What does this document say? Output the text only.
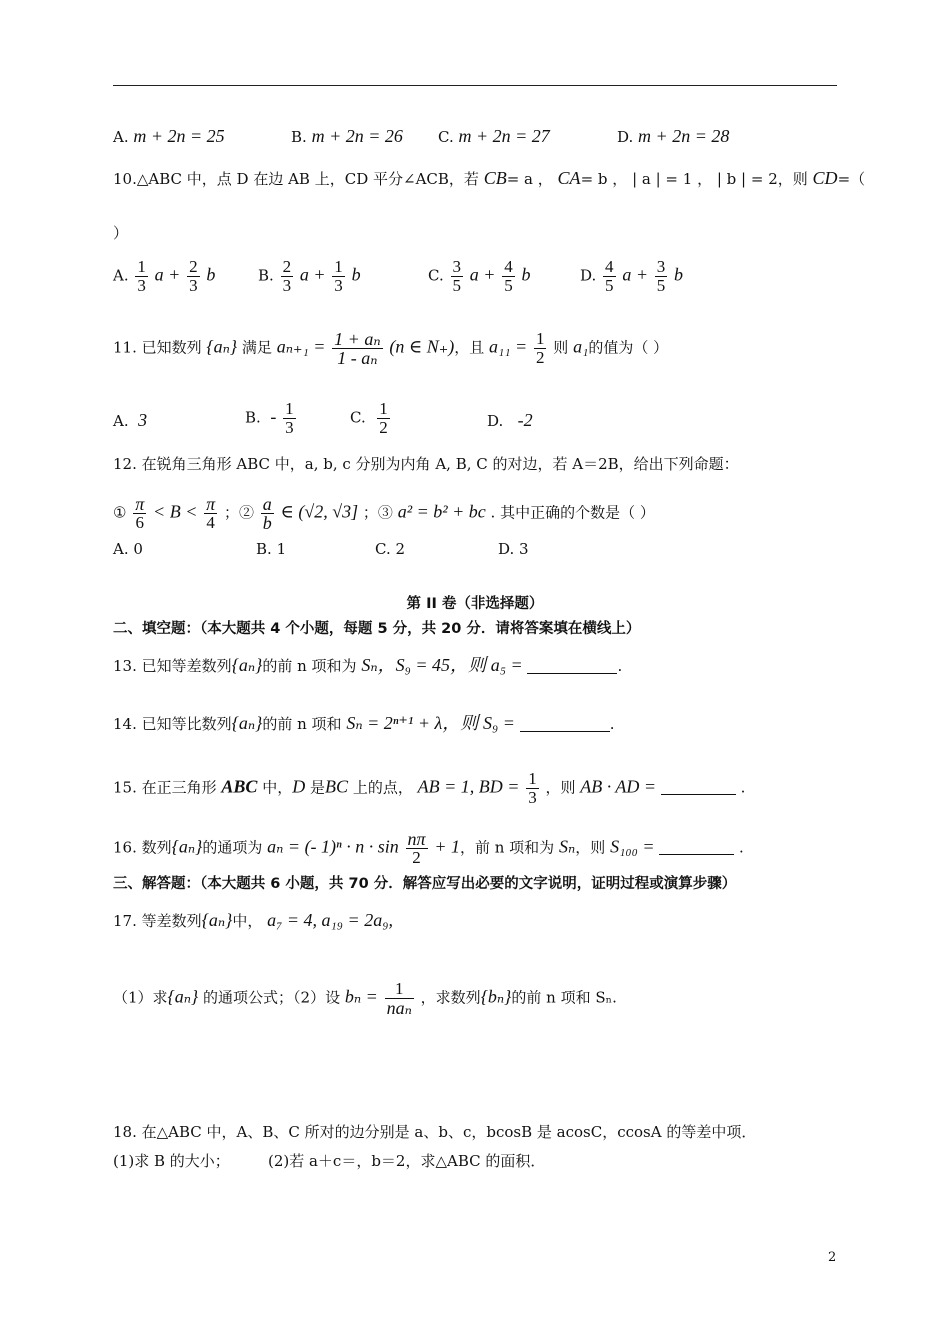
A. m + 2n = 25	B. m + 2n = 26 C. m + 2n = 27	D. m + 2n = 28
10.△ABC 中，点 D 在边 AB 上，CD 平分∠ACB，若 CB= a ， CA= b ， | a | = 1 ， | b | = 2，则 CD=（
）
A. $\frac{1}{3}$ $a + \frac{2}{3}$ b	B. $\frac{2}{3}$ $a + \frac{1}{3}$ b	C. $\frac{3}{5}$ $a + \frac{4}{5}$ b	D. $\frac{4}{5}$ $a + \frac{3}{5}$ b
11. 已知数列 {aₙ} 满足 $a_{n+1} = \frac{\text{1 + aₙ}}{\text{1 - aₙ}} (n$ ∈ N₊)，且 $a_{11} = \frac{1}{2}$ 则 a₁的值为（ ）
A. 3	B. - $\frac{1}{3}$	C. $\frac{1}{2}$	D. -2
12. 在锐角三角形 ABC 中，a, b, c 分别为内角 A, B, C 的对边，若 A＝2B，给出下列命题：
① $\frac{\pi}{6} < B < \frac{\pi}{4}$ ；② $\frac{a}{b}$ ∈ (√2, √3] ；③ a² = b² + bc . 其中正确的个数是（ ）
A. 0	B. 1	C. 2	D. 3
第 II 卷（非选择题）
二、填空题：（本大题共 4 个小题，每题 5 分，共 20 分．请将答案填在横线上）
13. 已知等差数列{aₙ}的前 n 项和为 Sₙ，S₉ = 45，则 a₅ =	.
14. 已知等比数列{aₙ}的前 n 项和 Sₙ = 2ⁿ⁺¹ + λ，则 S₉ =	.
15. 在正三角形 ABC 中，D 是BC 上的点， AB = 1, BD = $\frac{1}{3}$ ，则 AB · AD =	.
16. 数列{aₙ}的通项为 aₙ = (- $1)^n \cdot n \cdot \sin \frac{n\pi}{2} + 1$，前 n 项和为 Sₙ，则 S₁₀₀ =	.
三、解答题：（本大题共 6 小题，共 70 分．解答应写出必要的文字说明，证明过程或演算步骤）
17. 等差数列{aₙ}中， a₇ = 4, a₁₉ = 2a₉,
（1）求{aₙ} 的通项公式；（2）设 $b_n = \frac{1}{\text{naₙ}}$ ，求数列{bₙ}的前 n 项和 Sₙ.
18. 在△ABC 中，A、B、C 所对的边分别是 a、b、c，bcosB 是 acosC，ccosA 的等差中项．
(1)求 B 的大小；	(2)若 a＋c＝，b＝2，求△ABC 的面积．
2
